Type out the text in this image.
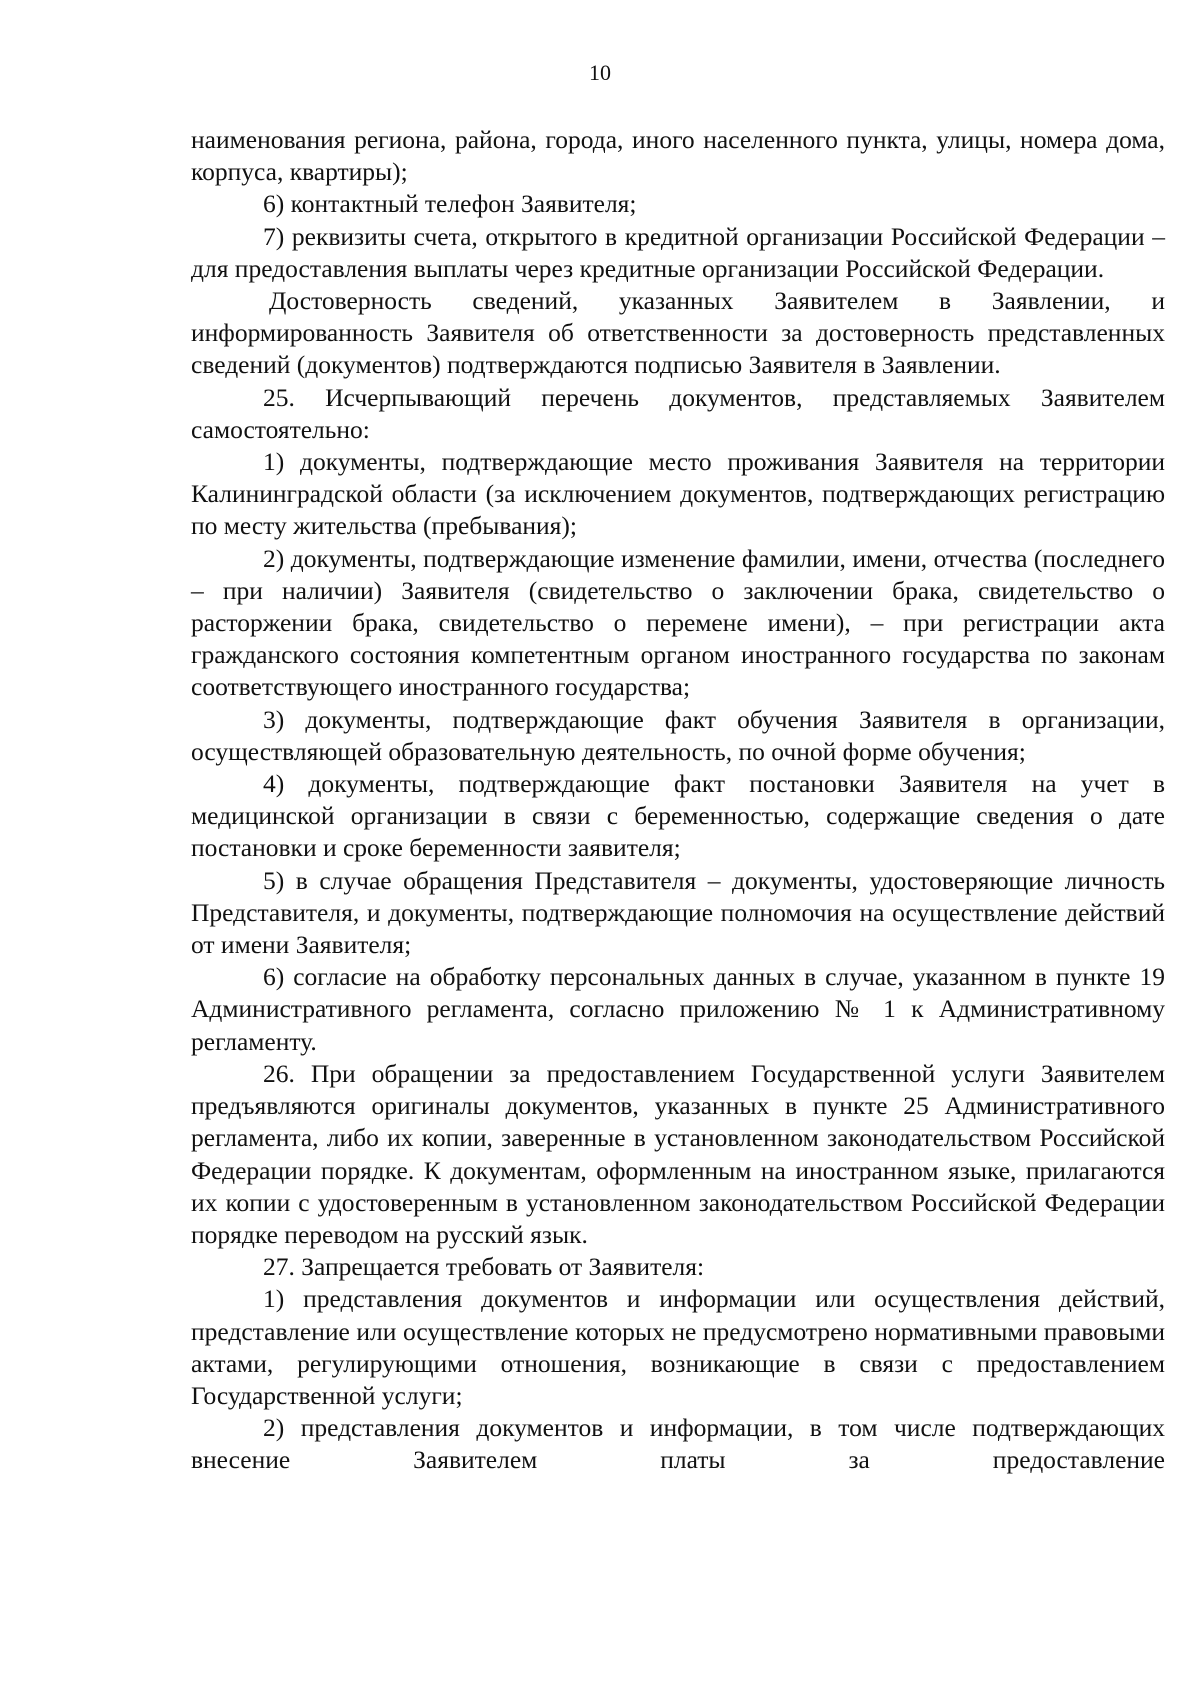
10

наименования региона, района, города, иного населенного пункта, улицы, номера дома, корпуса, квартиры);

6) контактный телефон Заявителя;

7) реквизиты счета, открытого в кредитной организации Российской Федерации – для предоставления выплаты через кредитные организации Российской Федерации.

Достоверность сведений, указанных Заявителем в Заявлении, и информированность Заявителя об ответственности за достоверность представленных сведений (документов) подтверждаются подписью Заявителя в Заявлении.

25. Исчерпывающий перечень документов, представляемых Заявителем самостоятельно:

1) документы, подтверждающие место проживания Заявителя на территории Калининградской области (за исключением документов, подтверждающих регистрацию по месту жительства (пребывания);

2) документы, подтверждающие изменение фамилии, имени, отчества (последнего – при наличии) Заявителя (свидетельство о заключении брака, свидетельство о расторжении брака, свидетельство о перемене имени), – при регистрации акта гражданского состояния компетентным органом иностранного государства по законам соответствующего иностранного государства;

3) документы, подтверждающие факт обучения Заявителя в организации, осуществляющей образовательную деятельность, по очной форме обучения;

4) документы, подтверждающие факт постановки Заявителя на учет в медицинской организации в связи с беременностью, содержащие сведения о дате постановки и сроке беременности заявителя;

5) в случае обращения Представителя – документы, удостоверяющие личность Представителя, и документы, подтверждающие полномочия на осуществление действий от имени Заявителя;

6) согласие на обработку персональных данных в случае, указанном в пункте 19 Административного регламента, согласно приложению № 1 к Административному регламенту.

26. При обращении за предоставлением Государственной услуги Заявителем предъявляются оригиналы документов, указанных в пункте 25 Административного регламента, либо их копии, заверенные в установленном законодательством Российской Федерации порядке. К документам, оформленным на иностранном языке, прилагаются их копии с удостоверенным в установленном законодательством Российской Федерации порядке переводом на русский язык.

27. Запрещается требовать от Заявителя:

1) представления документов и информации или осуществления действий, представление или осуществление которых не предусмотрено нормативными правовыми актами, регулирующими отношения, возникающие в связи с предоставлением Государственной услуги;

2) представления документов и информации, в том числе подтверждающих внесение Заявителем платы за предоставление
